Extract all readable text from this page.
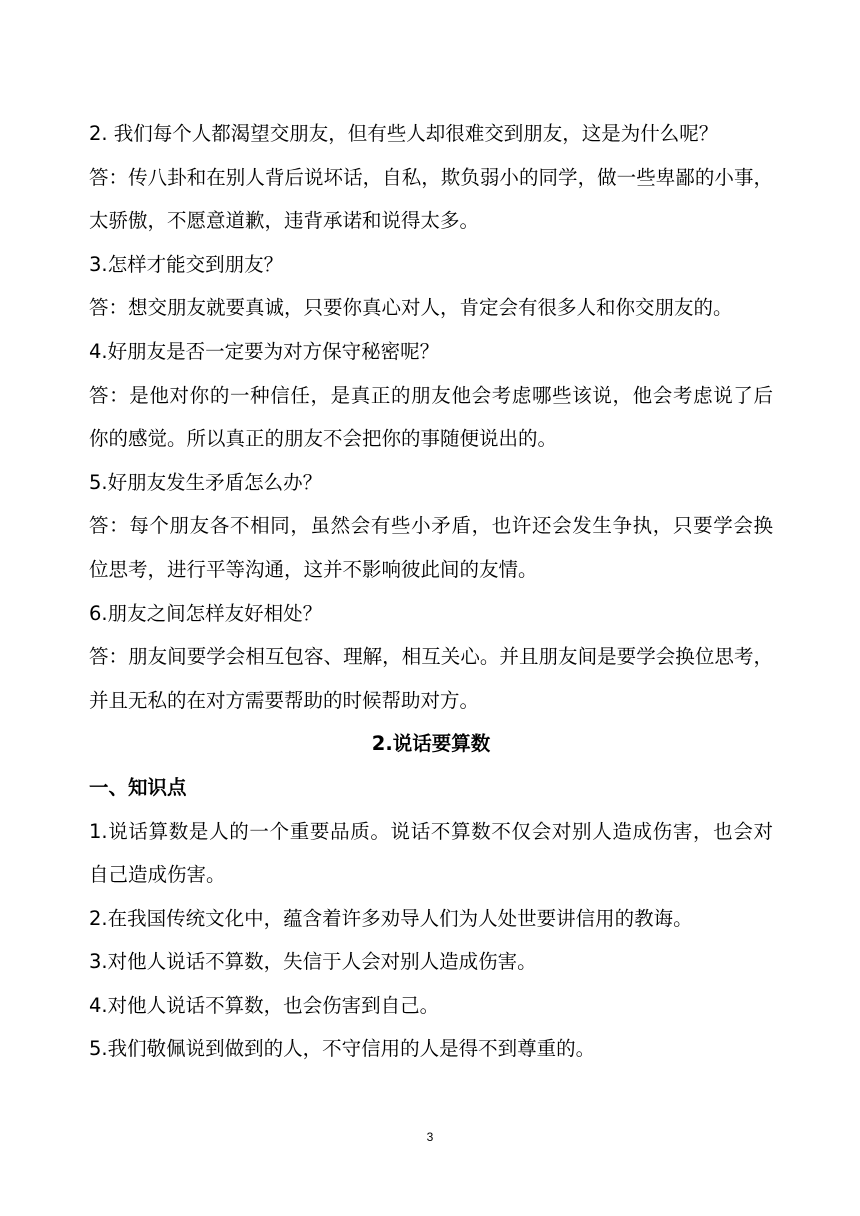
2. 我们每个人都渴望交朋友，但有些人却很难交到朋友，这是为什么呢？
答：传八卦和在别人背后说坏话，自私，欺负弱小的同学，做一些卑鄙的小事，
太骄傲，不愿意道歉，违背承诺和说得太多。
3.怎样才能交到朋友？
答：想交朋友就要真诚，只要你真心对人，肯定会有很多人和你交朋友的。
4.好朋友是否一定要为对方保守秘密呢？
答：是他对你的一种信任，是真正的朋友他会考虑哪些该说，他会考虑说了后
你的感觉。所以真正的朋友不会把你的事随便说出的。
5.好朋友发生矛盾怎么办？
答：每个朋友各不相同，虽然会有些小矛盾，也许还会发生争执，只要学会换
位思考，进行平等沟通，这并不影响彼此间的友情。
6.朋友之间怎样友好相处？
答：朋友间要学会相互包容、理解，相互关心。并且朋友间是要学会换位思考，
并且无私的在对方需要帮助的时候帮助对方。
2.说话要算数
一、知识点
1.说话算数是人的一个重要品质。说话不算数不仅会对别人造成伤害，也会对
自己造成伤害。
2.在我国传统文化中，蕴含着许多劝导人们为人处世要讲信用的教诲。
3.对他人说话不算数，失信于人会对别人造成伤害。
4.对他人说话不算数，也会伤害到自己。
5.我们敬佩说到做到的人，不守信用的人是得不到尊重的。
3
